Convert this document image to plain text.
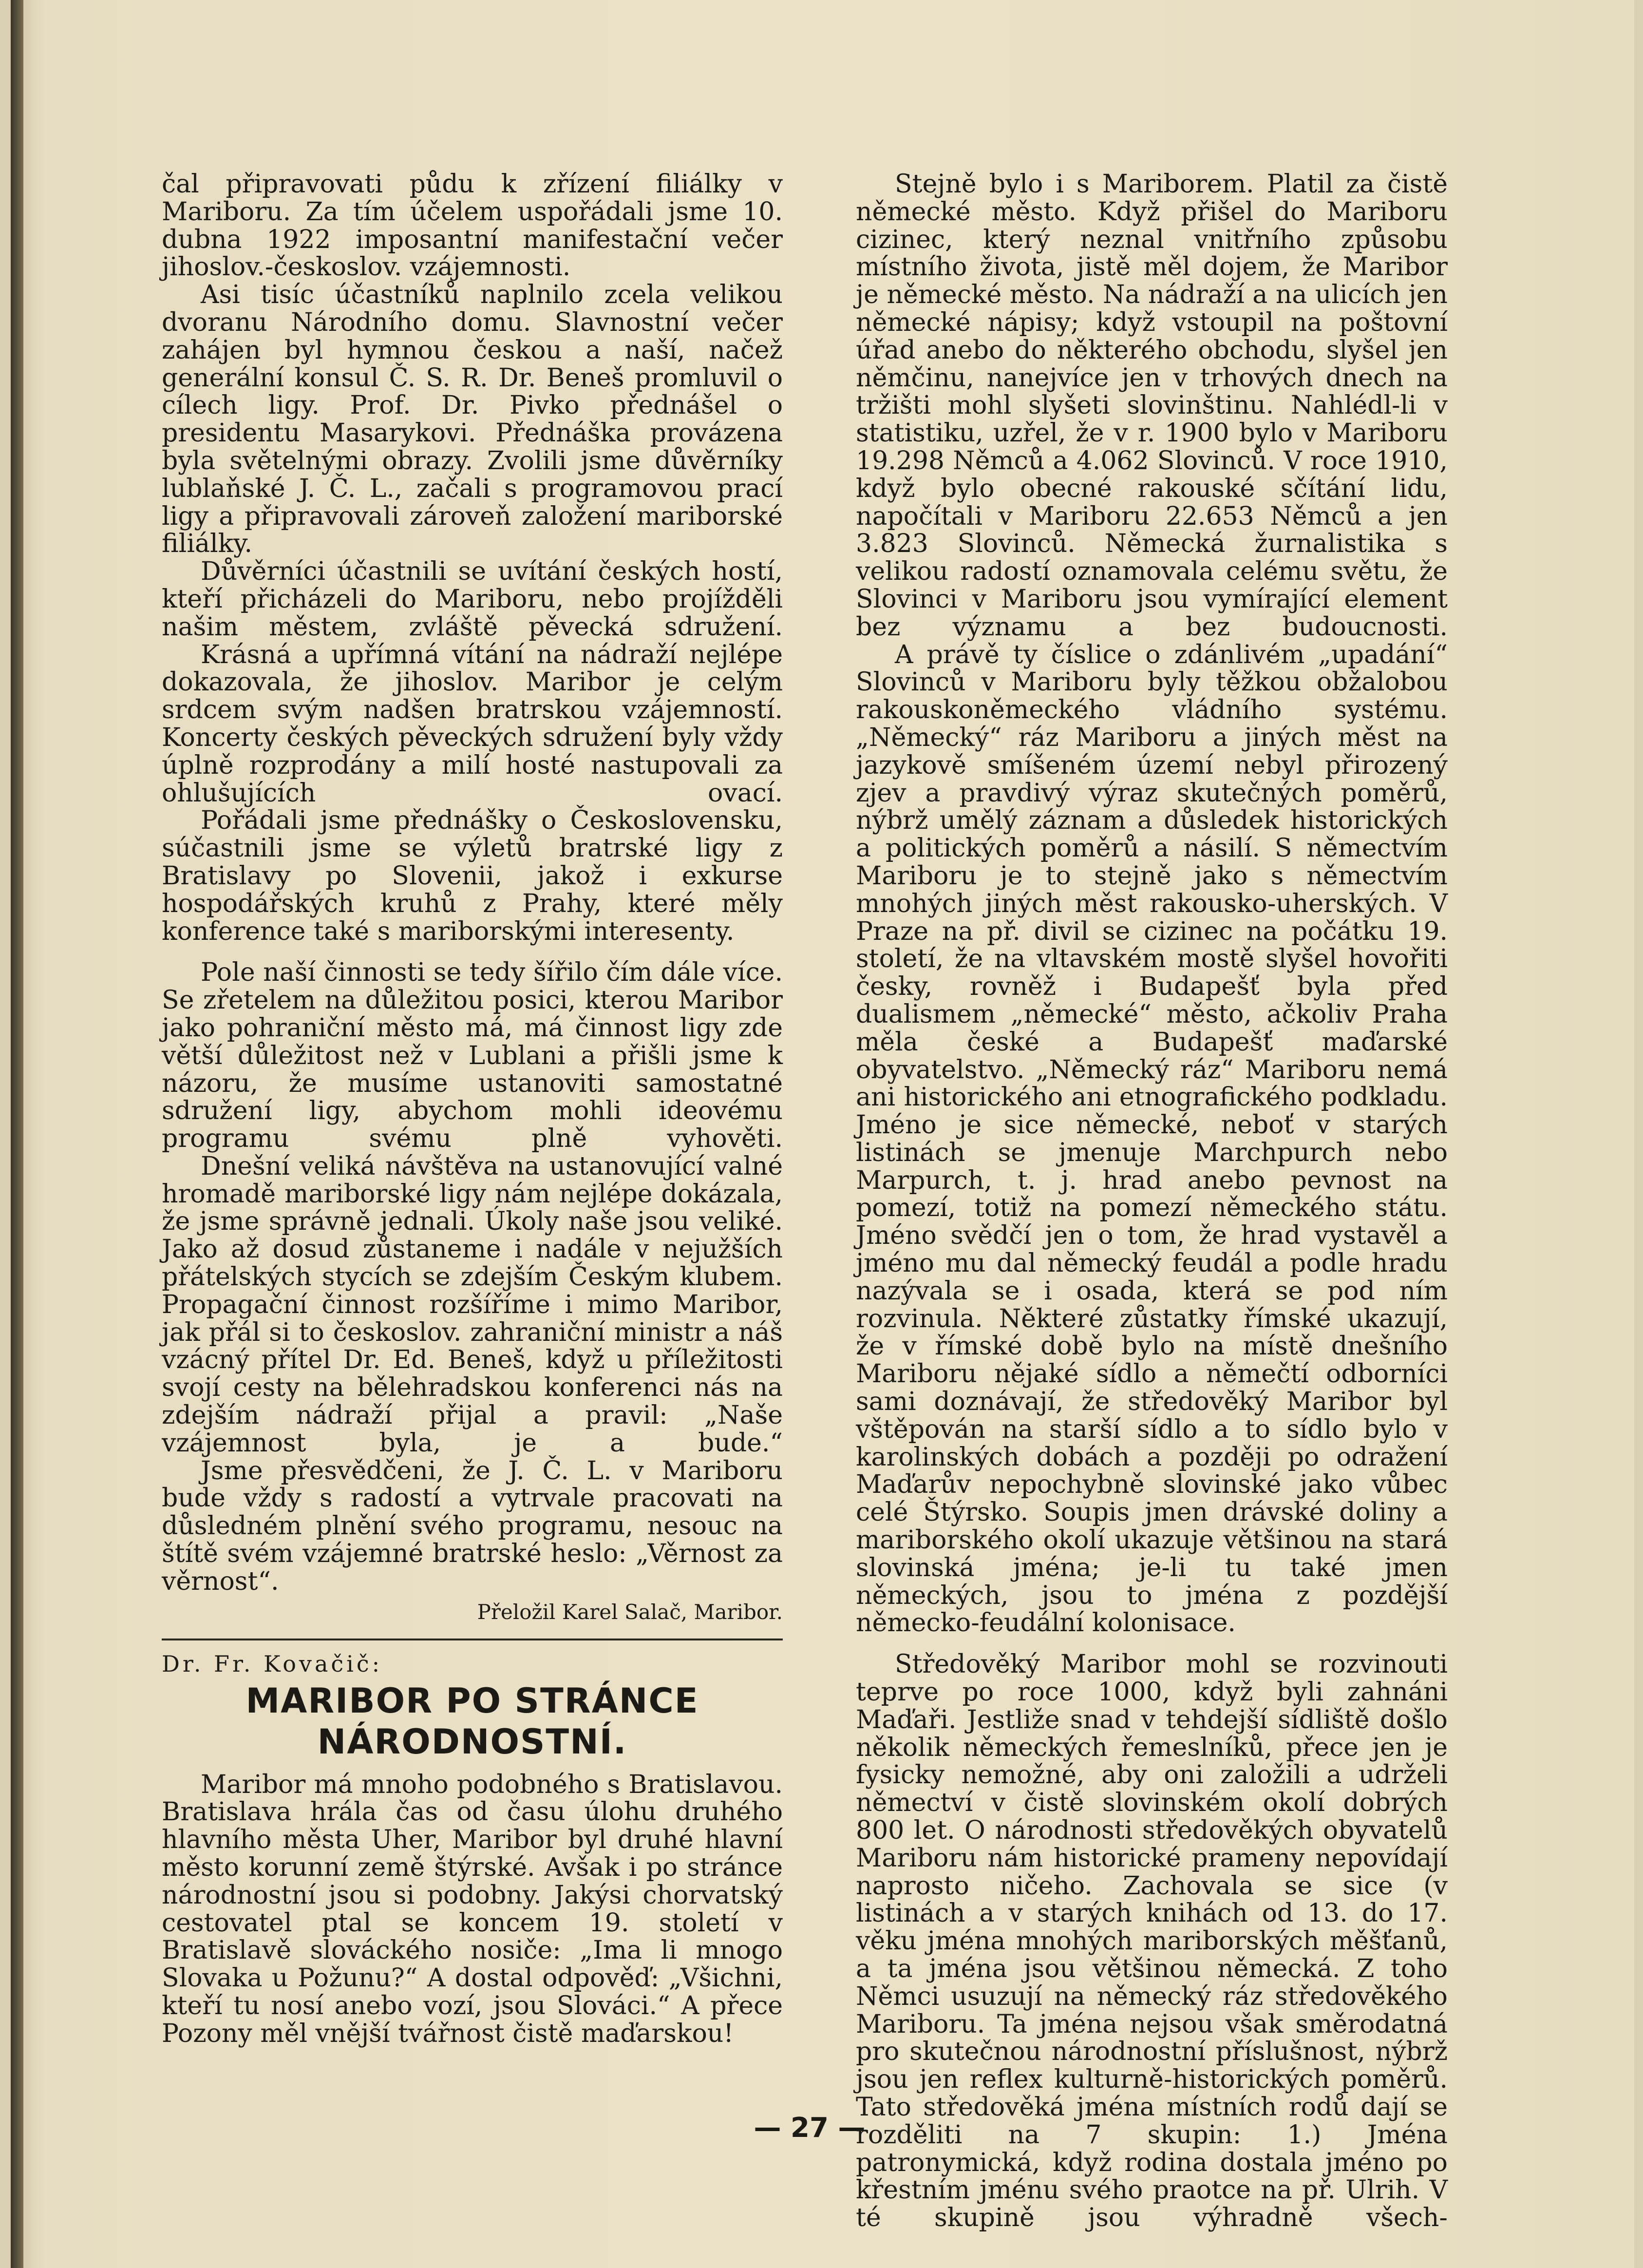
čal připravovati půdu k zřízení filiálky v Mariboru. Za tím účelem uspořádali jsme 10. dubna 1922 imposantní manifestační večer jihoslov.-českoslov. vzájemnosti.

Asi tisíc účastníků naplnilo zcela velikou dvoranu Národního domu. Slavnostní večer zahájen byl hymnou českou a naší, načež generální konsul Č. S. R. Dr. Beneš promluvil o cílech ligy. Prof. Dr. Pivko přednášel o presidentu Masarykovi. Přednáška provázena byla světelnými obrazy. Zvolili jsme důvěrníky lublaňské J. Č. L., začali s programovou prací ligy a připravovali zároveň založení mariborské filiálky.

Důvěrníci účastnili se uvítání českých hostí, kteří přicházeli do Mariboru, nebo projížděli našim městem, zvláště pěvecká sdružení.

Krásná a upřímná vítání na nádraží nejlépe dokazovala, že jihoslov. Maribor je celým srdcem svým nadšen bratrskou vzájemností. Koncerty českých pěveckých sdružení byly vždy úplně rozprodány a milí hosté nastupovali za ohlušujících ovací.

Pořádali jsme přednášky o Československu, súčastnili jsme se výletů bratrské ligy z Bratislavy po Slovenii, jakož i exkurse hospodářských kruhů z Prahy, které měly konference také s mariborskými interesenty.

Pole naší činnosti se tedy šířilo čím dále více. Se zřetelem na důležitou posici, kterou Maribor jako pohraniční město má, má činnost ligy zde větší důležitost než v Lublani a přišli jsme k názoru, že musíme ustanoviti samostatné sdružení ligy, abychom mohli ideovému programu svému plně vyhověti.

Dnešní veliká návštěva na ustanovující valné hromadě mariborské ligy nám nejlépe dokázala, že jsme správně jednali. Úkoly naše jsou veliké. Jako až dosud zůstaneme i nadále v nejužších přátelských stycích se zdejším Českým klubem. Propagační činnost rozšíříme i mimo Maribor, jak přál si to českoslov. zahraniční ministr a náš vzácný přítel Dr. Ed. Beneš, když u příležitosti svojí cesty na bělehradskou konferenci nás na zdejším nádraží přijal a pravil: „Naše vzájemnost byla, je a bude.“

Jsme přesvědčeni, že J. Č. L. v Mariboru bude vždy s radostí a vytrvale pracovati na důsledném plnění svého programu, nesouc na štítě svém vzájemné bratrské heslo: „Věrnost za věrnost“.

Přeložil Karel Salač, Maribor.

Dr. Fr. Kovačič:

MARIBOR PO STRÁNCE NÁRODNOSTNÍ.

Maribor má mnoho podobného s Bratislavou. Bratislava hrála čas od času úlohu druhého hlavního města Uher, Maribor byl druhé hlavní město korunní země štýrské. Avšak i po stránce národnostní jsou si podobny. Jakýsi chorvatský cestovatel ptal se koncem 19. století v Bratislavě slováckého nosiče: „Ima li mnogo Slovaka u Požunu?“ A dostal odpověď: „Všichni, kteří tu nosí anebo vozí, jsou Slováci.“ A přece Pozony měl vnější tvářnost čistě maďarskou!

Stejně bylo i s Mariborem. Platil za čistě německé město. Když přišel do Mariboru cizinec, který neznal vnitřního způsobu místního života, jistě měl dojem, že Maribor je německé město. Na nádraží a na ulicích jen německé nápisy; když vstoupil na poštovní úřad anebo do některého obchodu, slyšel jen němčinu, nanejvíce jen v trhových dnech na tržišti mohl slyšeti slovinštinu. Nahlédl-li v statistiku, uzřel, že v r. 1900 bylo v Mariboru 19.298 Němců a 4.062 Slovinců. V roce 1910, když bylo obecné rakouské sčítání lidu, napočítali v Mariboru 22.653 Němců a jen 3.823 Slovinců. Německá žurnalistika s velikou radostí oznamovala celému světu, že Slovinci v Mariboru jsou vymírající element bez významu a bez budoucnosti.

A právě ty číslice o zdánlivém „upadání“ Slovinců v Mariboru byly těžkou obžalobou rakouskoněmeckého vládního systému. „Německý“ ráz Mariboru a jiných měst na jazykově smíšeném území nebyl přirozený zjev a pravdivý výraz skutečných poměrů, nýbrž umělý záznam a důsledek historických a politických poměrů a násilí. S němectvím Mariboru je to stejně jako s němectvím mnohých jiných měst rakousko-uherských. V Praze na př. divil se cizinec na počátku 19. století, že na vltavském mostě slyšel hovořiti česky, rovněž i Budapešť byla před dualismem „německé“ město, ačkoliv Praha měla české a Budapešť maďarské obyvatelstvo. „Německý ráz“ Mariboru nemá ani historického ani etnografického podkladu. Jméno je sice německé, neboť v starých listinách se jmenuje Marchpurch nebo Marpurch, t. j. hrad anebo pevnost na pomezí, totiž na pomezí německého státu. Jméno svědčí jen o tom, že hrad vystavěl a jméno mu dal německý feudál a podle hradu nazývala se i osada, která se pod ním rozvinula. Některé zůstatky římské ukazují, že v římské době bylo na místě dnešního Mariboru nějaké sídlo a němečtí odborníci sami doznávají, že středověký Maribor byl vštěpován na starší sídlo a to sídlo bylo v karolinských dobách a později po odražení Maďarův nepochybně slovinské jako vůbec celé Štýrsko. Soupis jmen drávské doliny a mariborského okolí ukazuje většinou na stará slovinská jména; je-li tu také jmen německých, jsou to jména z pozdější německo-feudální kolonisace.

Středověký Maribor mohl se rozvinouti teprve po roce 1000, když byli zahnáni Maďaři. Jestliže snad v tehdejší sídliště došlo několik německých řemeslníků, přece jen je fysicky nemožné, aby oni založili a udrželi němectví v čistě slovinském okolí dobrých 800 let. O národnosti středověkých obyvatelů Mariboru nám historické prameny nepovídají naprosto ničeho. Zachovala se sice (v listinách a v starých knihách od 13. do 17. věku jména mnohých mariborských měšťanů, a ta jména jsou většinou německá. Z toho Němci usuzují na německý ráz středověkého Mariboru. Ta jména nejsou však směrodatná pro skutečnou národnostní příslušnost, nýbrž jsou jen reflex kulturně-historických poměrů. Tato středověká jména místních rodů dají se rozděliti na 7 skupin: 1.) Jména patronymická, když rodina dostala jméno po křestním jménu svého praotce na př. Ulrih. V té skupině jsou výhradně všech-

— 27 —
